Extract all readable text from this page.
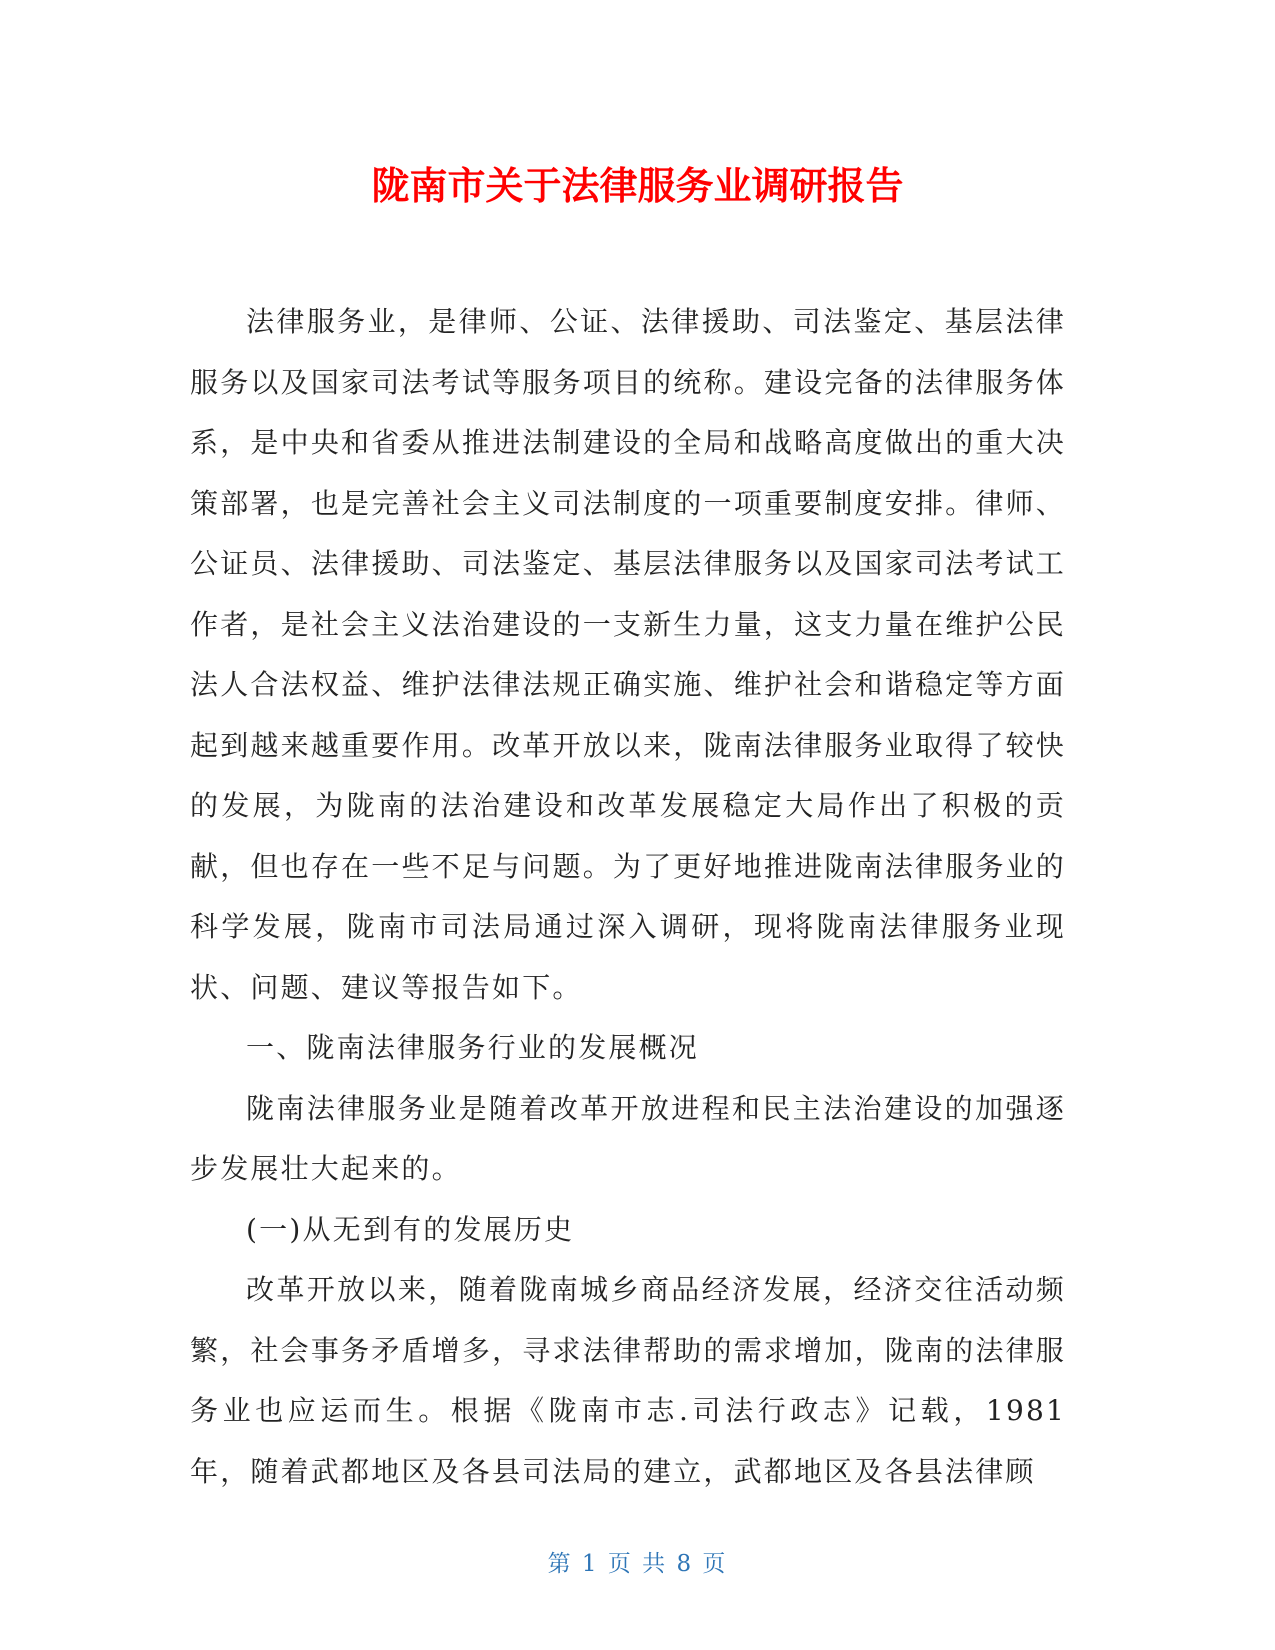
陇南市关于法律服务业调研报告

法律服务业，是律师、公证、法律援助、司法鉴定、基层法律服务以及国家司法考试等服务项目的统称。建设完备的法律服务体系，是中央和省委从推进法制建设的全局和战略高度做出的重大决策部署，也是完善社会主义司法制度的一项重要制度安排。律师、公证员、法律援助、司法鉴定、基层法律服务以及国家司法考试工作者，是社会主义法治建设的一支新生力量，这支力量在维护公民法人合法权益、维护法律法规正确实施、维护社会和谐稳定等方面起到越来越重要作用。改革开放以来，陇南法律服务业取得了较快的发展，为陇南的法治建设和改革发展稳定大局作出了积极的贡献，但也存在一些不足与问题。为了更好地推进陇南法律服务业的科学发展，陇南市司法局通过深入调研，现将陇南法律服务业现状、问题、建议等报告如下。

一、陇南法律服务行业的发展概况

陇南法律服务业是随着改革开放进程和民主法治建设的加强逐步发展壮大起来的。

(一)从无到有的发展历史

改革开放以来，随着陇南城乡商品经济发展，经济交往活动频繁，社会事务矛盾增多，寻求法律帮助的需求增加，陇南的法律服务业也应运而生。根据《陇南市志.司法行政志》记载，1981年，随着武都地区及各县司法局的建立，武都地区及各县法律顾

第 1 页 共 8 页
